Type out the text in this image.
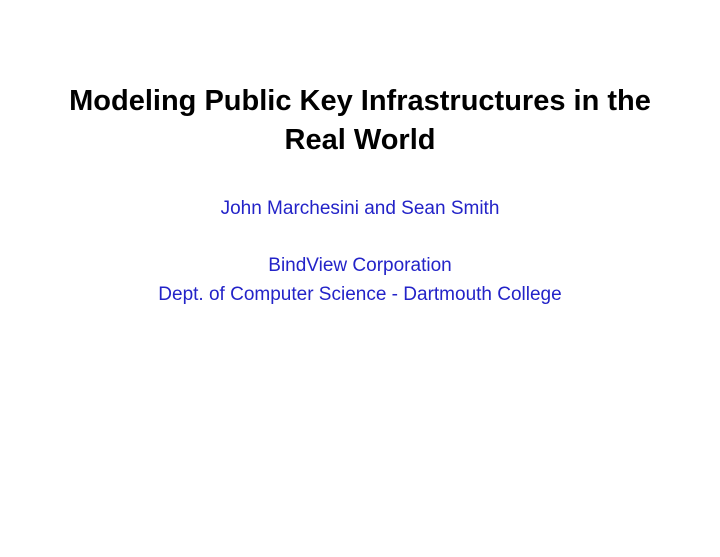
Modeling Public Key Infrastructures in the
Real World
John Marchesini and Sean Smith
BindView Corporation
Dept. of Computer Science - Dartmouth College
